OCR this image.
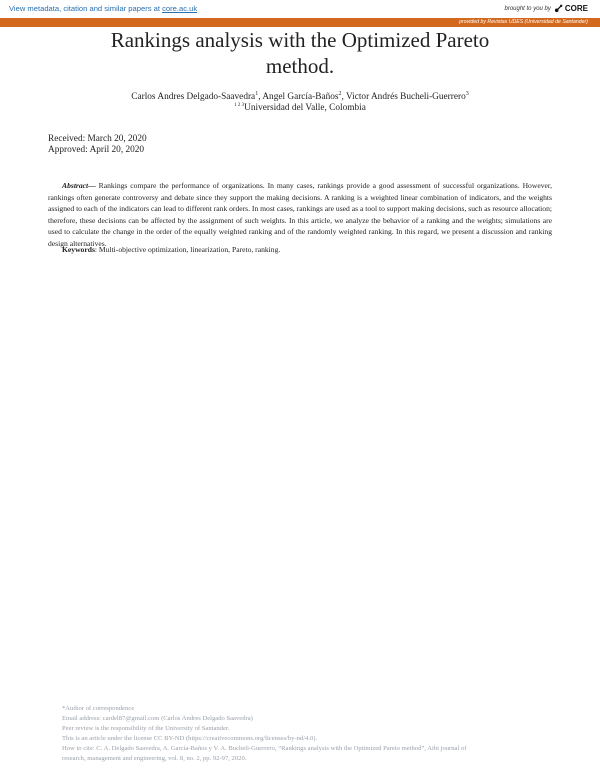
View metadata, citation and similar papers at core.ac.uk	brought to you by CORE
provided by Revistas UDES (Universidad de Santander)
Rankings analysis with the Optimized Pareto
method.
Carlos Andres Delgado-Saavedra$^1$, Angel García-Baños$^2$, Victor Andrés Bucheli-Guerrero$^3$
$^{1 2 3}$Universidad del Valle, Colombia
Received: March 20, 2020
Approved: April 20, 2020
Abstract— Rankings compare the performance of organizations. In many cases, rankings provide a good assessment of successful organizations. However, rankings often generate controversy and debate since they support the making decisions. A ranking is a weighted linear combination of indicators, and the weights assigned to each of the indicators can lead to different rank orders. In most cases, rankings are used as a tool to support making decisions, such as resource allocation; therefore, these decisions can be affected by the assignment of such weights. In this article, we analyze the behavior of a ranking and the weights; simulations are used to calculate the change in the order of the equally weighted ranking and of the randomly weighted ranking. In this regard, we present a discussion and ranking design alternatives.
Keywords: Multi-objective optimization, linearization, Pareto, ranking.
*Author of correspondence
Email address: cardel87@gmail.com (Carlos Andres Delgado Saavedra)
Peer review is the responsibility of the University of Santander.
This is an article under the license CC BY-ND (https://creativecommons.org/licenses/by-nd/4.0).
How to cite: C. A. Delgado Saavedra, A. García-Baños y V. A. Bucheli-Guerrero, “Rankings analysis with the Optimized Pareto method”, Aibi journal of
research, management and engineering, vol. 8, no. 2, pp. 92-97, 2020.
